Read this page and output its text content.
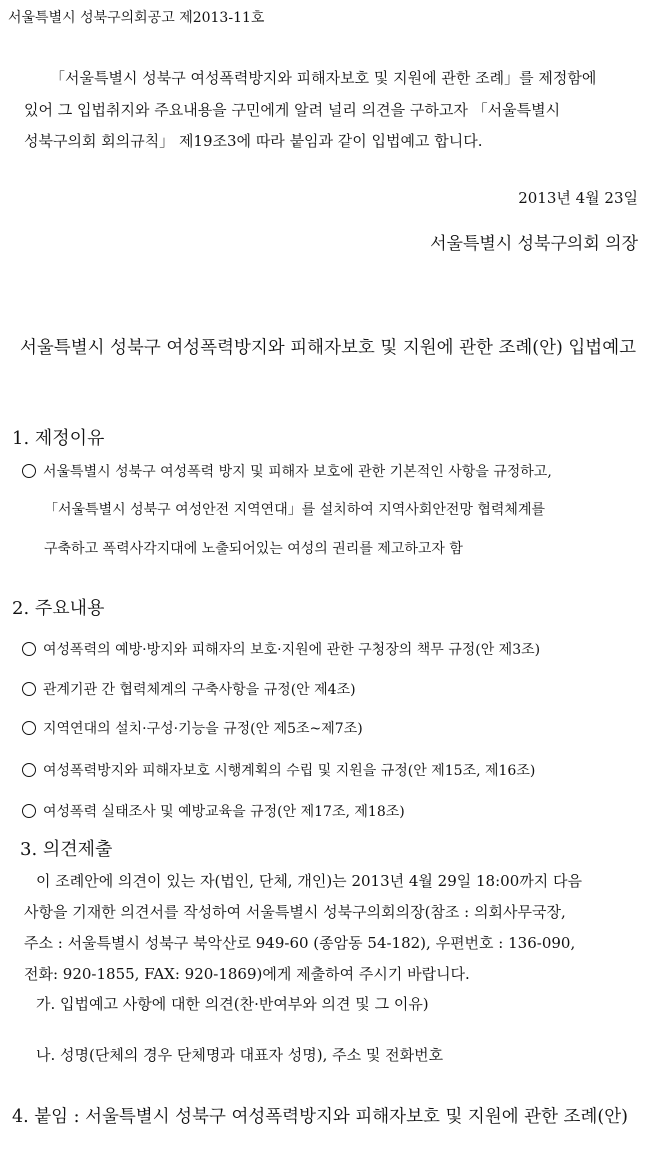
서울특별시 성북구의회공고 제2013-11호
「서울특별시 성북구 여성폭력방지와 피해자보호 및 지원에 관한 조례」를 제정함에
있어 그 입법취지와 주요내용을 구민에게 알려 널리 의견을 구하고자 「서울특별시
성북구의회 회의규칙」 제19조3에 따라 붙임과 같이 입법예고 합니다.
2013년 4월 23일
서울특별시 성북구의회 의장
서울특별시 성북구 여성폭력방지와 피해자보호 및 지원에 관한 조례(안) 입법예고
1. 제정이유
서울특별시 성북구 여성폭력 방지 및 피해자 보호에 관한 기본적인 사항을 규정하고,
「서울특별시 성북구 여성안전 지역연대」를 설치하여 지역사회안전망 협력체계를
구축하고 폭력사각지대에 노출되어있는 여성의 권리를 제고하고자 함
2. 주요내용
여성폭력의 예방·방지와 피해자의 보호·지원에 관한 구청장의 책무 규정(안 제3조)
관계기관 간 협력체계의 구축사항을 규정(안 제4조)
지역연대의 설치·구성·기능을 규정(안 제5조~제7조)
여성폭력방지와 피해자보호 시행계획의 수립 및 지원을 규정(안 제15조, 제16조)
여성폭력 실태조사 및 예방교육을 규정(안 제17조, 제18조)
3. 의견제출
이 조례안에 의견이 있는 자(법인, 단체, 개인)는 2013년 4월 29일 18:00까지 다음
사항을 기재한 의견서를 작성하여 서울특별시 성북구의회의장(참조 : 의회사무국장,
주소 : 서울특별시 성북구 북악산로 949-60 (종암동 54-182), 우편번호 : 136-090,
전화: 920-1855, FAX: 920-1869)에게 제출하여 주시기 바랍니다.
가. 입법예고 사항에 대한 의견(찬·반여부와 의견 및 그 이유)
나. 성명(단체의 경우 단체명과 대표자 성명), 주소 및 전화번호
4. 붙임 : 서울특별시 성북구 여성폭력방지와 피해자보호 및 지원에 관한 조례(안)
